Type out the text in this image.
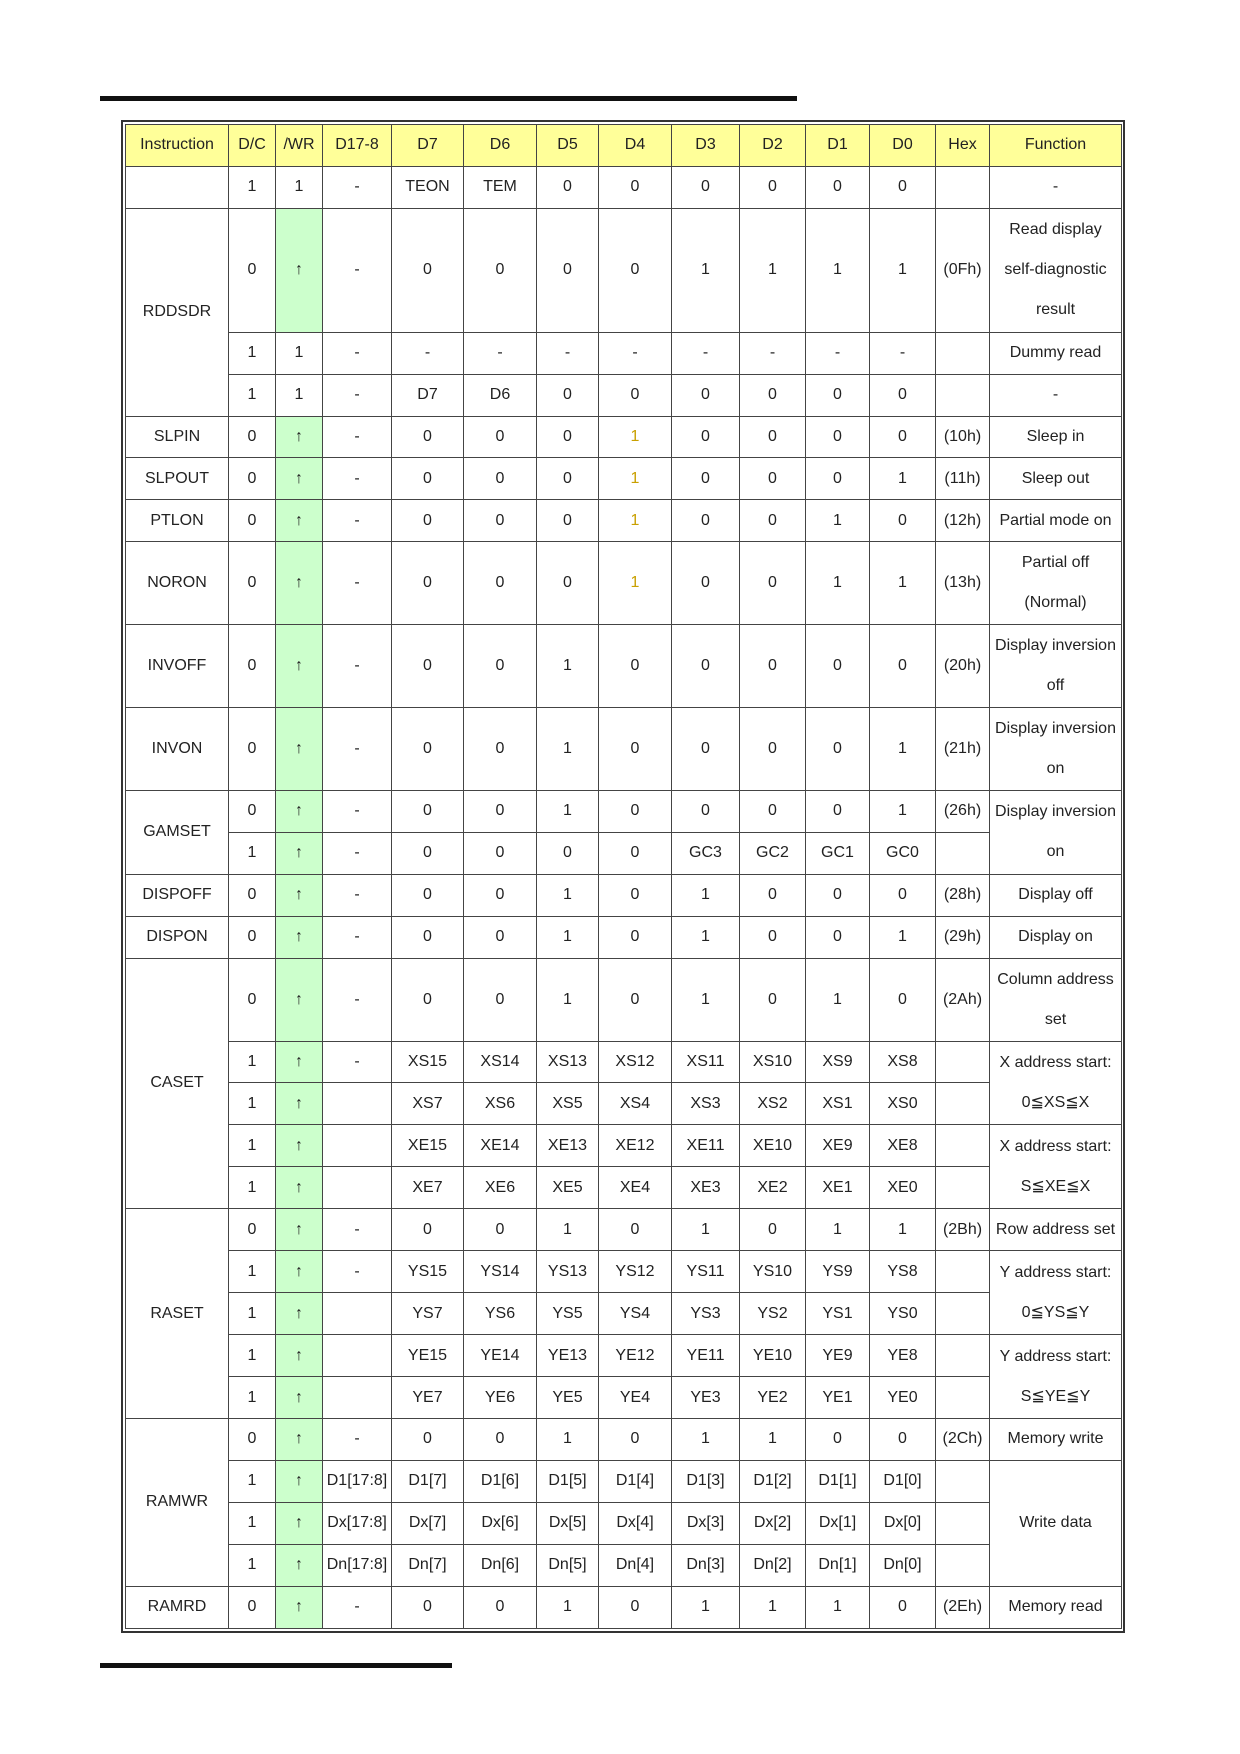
Instruction	D/C	/WR	D17-8	D7	D6	D5	D4	D3	D2	D1	D0	Hex	Function
	1	1	-	TEON	TEM	0	0	0	0	0	0		-
RDDSDR	0	↑	-	0	0	0	0	1	1	1	1	(0Fh)	Read display
self-diagnostic
result

	1	1	-	-	-	-	-	-	-	-	-		Dummy read
	1	1	-	D7	D6	0	0	0	0	0	0		-
SLPIN	0	↑	-	0	0	0	1	0	0	0	0	(10h)	Sleep in
SLPOUT	0	↑	-	0	0	0	1	0	0	0	1	(11h)	Sleep out
PTLON	0	↑	-	0	0	0	1	0	0	1	0	(12h)	Partial mode on
NORON	0	↑	-	0	0	0	1	0	0	1	1	(13h)	Partial off
(Normal)

INVOFF	0	↑	-	0	0	1	0	0	0	0	0	(20h)	Display inversion
off

INVON	0	↑	-	0	0	1	0	0	0	0	1	(21h)	Display inversion
on

GAMSET	0	↑	-	0	0	1	0	0	0	0	1	(26h)	Display inversion
on

	1	↑	-	0	0	0	0	GC3	GC2	GC1	GC0		
DISPOFF	0	↑	-	0	0	1	0	1	0	0	0	(28h)	Display off
DISPON	0	↑	-	0	0	1	0	1	0	0	1	(29h)	Display on
CASET	0	↑	-	0	0	1	0	1	0	1	0	(2Ah)	Column address
set

	1	↑	-	XS15	XS14	XS13	XS12	XS11	XS10	XS9	XS8		X address start:
0≦XS≦X

	1	↑		XS7	XS6	XS5	XS4	XS3	XS2	XS1	XS0		
	1	↑		XE15	XE14	XE13	XE12	XE11	XE10	XE9	XE8		X address start:
S≦XE≦X

	1	↑		XE7	XE6	XE5	XE4	XE3	XE2	XE1	XE0		
RASET	0	↑	-	0	0	1	0	1	0	1	1	(2Bh)	Row address set
	1	↑	-	YS15	YS14	YS13	YS12	YS11	YS10	YS9	YS8		Y address start:
0≦YS≦Y

	1	↑		YS7	YS6	YS5	YS4	YS3	YS2	YS1	YS0		
	1	↑		YE15	YE14	YE13	YE12	YE11	YE10	YE9	YE8		Y address start:
S≦YE≦Y

	1	↑		YE7	YE6	YE5	YE4	YE3	YE2	YE1	YE0		
RAMWR	0	↑	-	0	0	1	0	1	1	0	0	(2Ch)	Memory write
	1	↑	D1[17:8]	D1[7]	D1[6]	D1[5]	D1[4]	D1[3]	D1[2]	D1[1]	D1[0]		Write data
	1	↑	Dx[17:8]	Dx[7]	Dx[6]	Dx[5]	Dx[4]	Dx[3]	Dx[2]	Dx[1]	Dx[0]		
	1	↑	Dn[17:8]	Dn[7]	Dn[6]	Dn[5]	Dn[4]	Dn[3]	Dn[2]	Dn[1]	Dn[0]		
RAMRD	0	↑	-	0	0	1	0	1	1	1	0	(2Eh)	Memory read
